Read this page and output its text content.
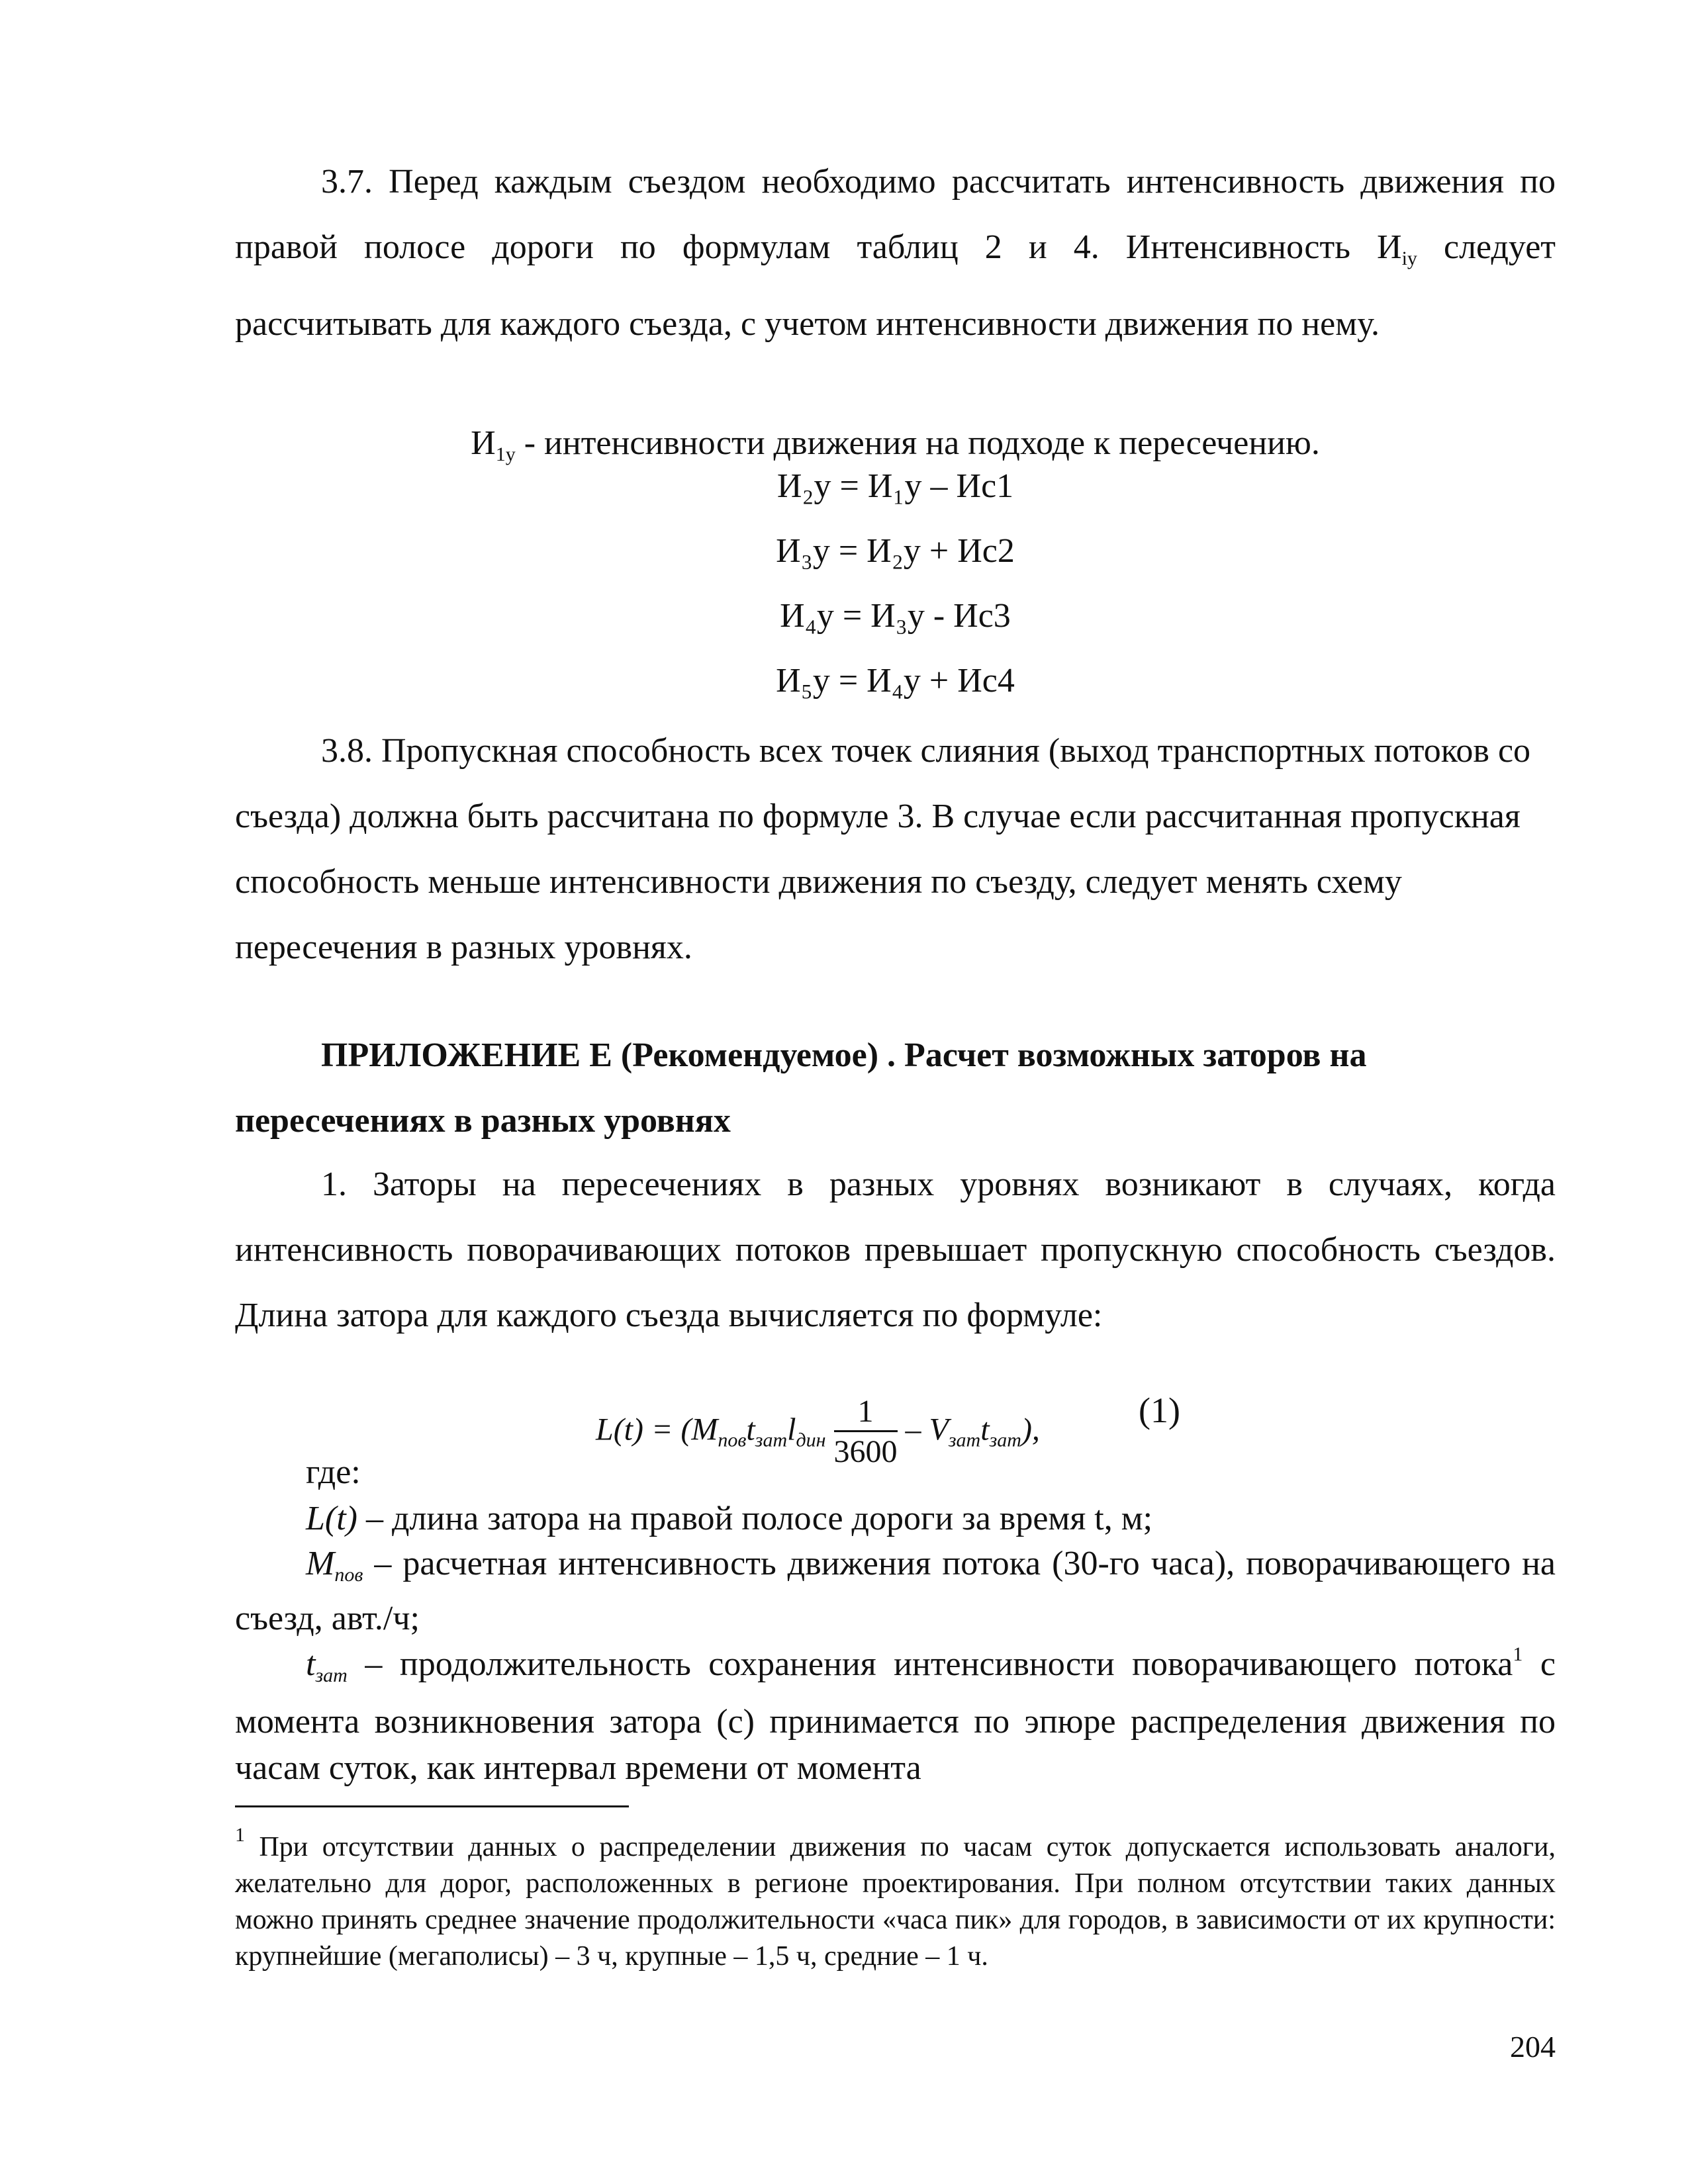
3.7. Перед каждым съездом необходимо рассчитать интенсивность движения по правой полосе дороги по формулам таблиц 2 и 4. Интенсивность $И_{iy}$ следует рассчитывать для каждого съезда, с учетом интенсивности движения по нему.
$И_{1у}$ - интенсивности движения на подходе к пересечению.
И₂у = И₁у – Иc1
И₃у = И₂у + Иc2
И₄у = И₃у - Иc3
И₅у = И₄у + Иc4
3.8. Пропускная способность всех точек слияния (выход транспортных потоков со съезда) должна быть рассчитана по формуле 3. В случае если рассчитанная пропускная способность меньше интенсивности движения по съезду, следует менять схему пересечения в разных уровнях.
ПРИЛОЖЕНИЕ Е (Рекомендуемое) . Расчет возможных заторов на пересечениях в разных уровнях
1. Заторы на пересечениях в разных уровнях возникают в случаях, когда интенсивность поворачивающих потоков превышает пропускную способность съездов. Длина затора для каждого съезда вычисляется по формуле:
$L(t) = (M_{пов}t_{зат}l_{дин} \frac{1}{3600} - V_{зат}t_{зат})$,	(1)
где:
L(t) – длина затора на правой полосе дороги за время t, м;
$M_{пов}$ – расчетная интенсивность движения потока (30-го часа), поворачивающего на съезд, авт./ч;
$t_{зат}$ – продолжительность сохранения интенсивности поворачивающего потока$^1$ с момента возникновения затора (с) принимается по эпюре распределения движения по часам суток, как интервал времени от момента
$^1$ При отсутствии данных о распределении движения по часам суток допускается использовать аналоги, желательно для дорог, расположенных в регионе проектирования. При полном отсутствии таких данных можно принять среднее значение продолжительности «часа пик» для городов, в зависимости от их крупности: крупнейшие (мегаполисы) – 3 ч, крупные – 1,5 ч, средние – 1 ч.
204
